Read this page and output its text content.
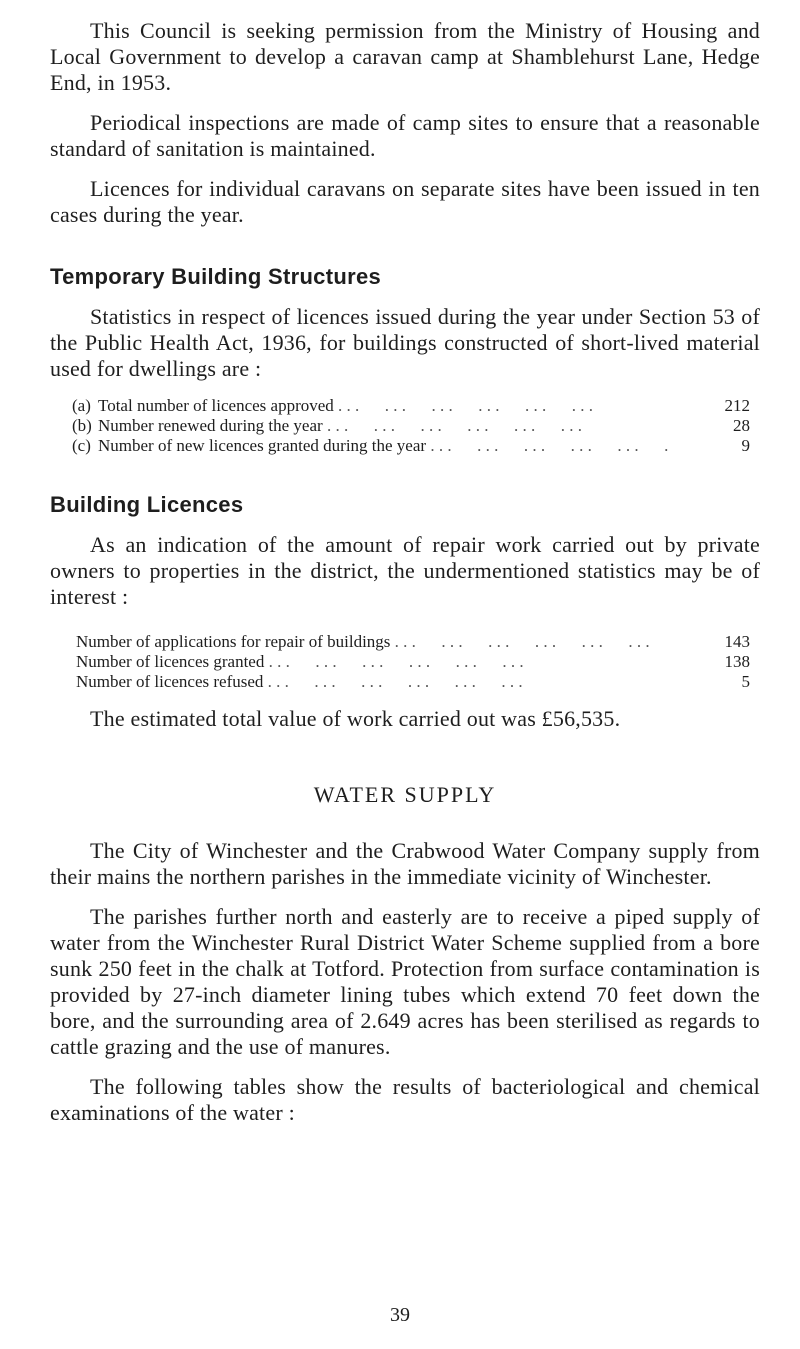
This Council is seeking permission from the Ministry of Housing and Local Government to develop a caravan camp at Shamblehurst Lane, Hedge End, in 1953.

Periodical inspections are made of camp sites to ensure that a reasonable standard of sanitation is maintained.

Licences for individual caravans on separate sites have been issued in ten cases during the year.

Temporary Building Structures

Statistics in respect of licences issued during the year under Section 53 of the Public Health Act, 1936, for buildings constructed of short-lived material used for dwellings are :

(a) Total number of licences approved . . .	212
(b) Number renewed during the year . . .	28
(c) Number of new licences granted during the year . . .	9
Building Licences

As an indication of the amount of repair work carried out by private owners to properties in the district, the undermentioned statistics may be of interest :

Number of applications for repair of buildings . . .	143
Number of licences granted . . .	138
Number of licences refused . . .	5

The estimated total value of work carried out was £56,535.

WATER SUPPLY

The City of Winchester and the Crabwood Water Company supply from their mains the northern parishes in the immediate vicinity of Winchester.

The parishes further north and easterly are to receive a piped supply of water from the Winchester Rural District Water Scheme supplied from a bore sunk 250 feet in the chalk at Totford. Protection from surface contamination is provided by 27-inch diameter lining tubes which extend 70 feet down the bore, and the surrounding area of 2.649 acres has been sterilised as regards to cattle grazing and the use of manures.

The following tables show the results of bacteriological and chemical examinations of the water :

39
